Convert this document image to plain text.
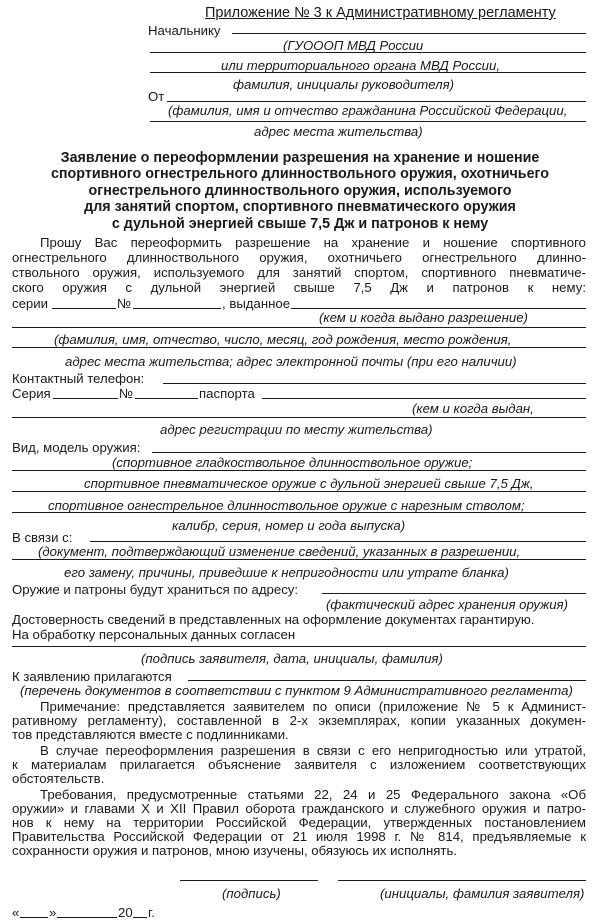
Приложение № 3 к Административному регламенту
Начальнику
(ГУОООП МВД России
или территориального органа МВД России,
фамилия, инициалы руководителя)
От
(фамилия, имя и отчество гражданина Российской Федерации,
адрес места жительства)
Заявление о переоформлении разрешения на хранение и ношение
спортивного огнестрельного длинноствольного оружия, охотничьего
огнестрельного длинноствольного оружия, используемого
для занятий спортом, спортивного пневматического оружия
с дульной энергией свыше 7,5 Дж и патронов к нему
Прошу Вас переоформить разрешение на хранение и ношение спортивного
огнестрельного длинноствольного оружия, охотничьего огнестрельного длинно-
ствольного оружия, используемого для занятий спортом, спортивного пневматиче-
ского оружия с дульной энергией свыше 7,5 Дж и патронов к нему:
серии	№	, выданное
(кем и когда выдано разрешение)
(фамилия, имя, отчество, число, месяц, год рождения, место рождения,
адрес места жительства; адрес электронной почты (при его наличии)
Контактный телефон:
Серия	№	паспорта
(кем и когда выдан,
адрес регистрации по месту жительства)
Вид, модель оружия:
(спортивное гладкоствольное длинноствольное оружие;
спортивное пневматическое оружие с дульной энергией свыше 7,5 Дж,
спортивное огнестрельное длинноствольное оружие с нарезным стволом;
калибр, серия, номер и года выпуска)
В связи с:
(документ, подтверждающий изменение сведений, указанных в разрешении,
его замену, причины, приведшие к непригодности или утрате бланка)
Оружие и патроны будут храниться по адресу:
(фактический адрес хранения оружия)
Достоверность сведений в представленных на оформление документах гарантирую.
На обработку персональных данных согласен
(подпись заявителя, дата, инициалы, фамилия)
К заявлению прилагаются
(перечень документов в соответствии с пунктом 9 Административного регламента)
Примечание: представляется заявителем по описи (приложение № 5 к Админист-
ративному регламенту), составленной в 2-х экземплярах, копии указанных докумен-
тов представляются вместе с подлинниками.
В случае переоформления разрешения в связи с его непригодностью или утратой,
к материалам прилагается объяснение заявителя с изложением соответствующих
обстоятельств.
Требования, предусмотренные статьями 22, 24 и 25 Федерального закона «Об
оружии» и главами X и XII Правил оборота гражданского и служебного оружия и патро-
нов к нему на территории Российской Федерации, утвержденных постановлением
Правительства Российской Федерации от 21 июля 1998 г. № 814, предъявляемые к
сохранности оружия и патронов, мною изучены, обязуюсь их исполнять.
(подпись)	(инициалы, фамилия заявителя)
« »	20 г.
